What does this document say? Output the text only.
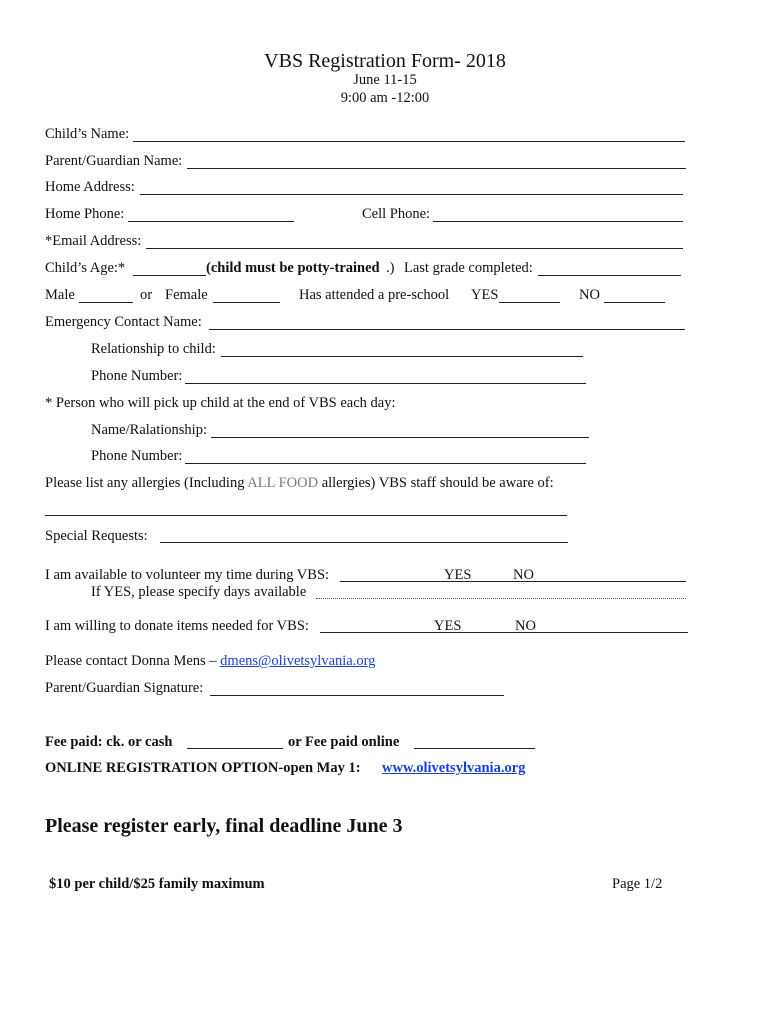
VBS Registration Form- 2018
June 11-15
9:00 am -12:00
Child’s Name:
Parent/Guardian Name:
Home Address:
Home Phone:	Cell Phone:
*Email Address:
Child’s Age:*	(child must be potty-trained .) Last grade completed:
Male	or Female	Has attended a pre-school YES	NO
Emergency Contact Name:
Relationship to child:
Phone Number:
* Person who will pick up child at the end of VBS each day:
Name/Ralationship:
Phone Number:
Please list any allergies (Including ALL FOOD allergies) VBS staff should be aware of:
Special Requests:
I am available to volunteer my time during VBS:	YES	NO
If YES, please specify days available
I am willing to donate items needed for VBS:	YES	NO
Please contact Donna Mens – dmens@olivetsylvania.org
Parent/Guardian Signature:
Fee paid: ck. or cash	or Fee paid online
ONLINE REGISTRATION OPTION-open May 1: www.olivetsylvania.org
Please register early, final deadline June 3
$10 per child/$25 family maximum	Page 1/2
